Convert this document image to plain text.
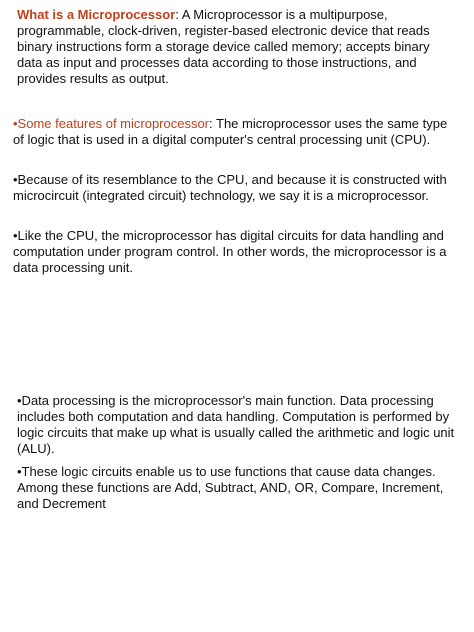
What is a Microprocessor: A Microprocessor is a multipurpose, programmable, clock-driven, register-based electronic device that reads binary instructions form a storage device called memory; accepts binary data as input and processes data according to those instructions, and provides results as output.

•Some features of microprocessor: The microprocessor uses the same type of logic that is used in a digital computer's central processing unit (CPU).

•Because of its resemblance to the CPU, and because it is constructed with microcircuit (integrated circuit) technology, we say it is a microprocessor.

•Like the CPU, the microprocessor has digital circuits for data handling and computation under program control. In other words, the microprocessor is a data processing unit.

•Data processing is the microprocessor's main function. Data processing includes both computation and data handling. Computation is performed by logic circuits that make up what is usually called the arithmetic and logic unit (ALU).

•These logic circuits enable us to use functions that cause data changes. Among these functions are Add, Subtract, AND, OR, Compare, Increment, and Decrement
